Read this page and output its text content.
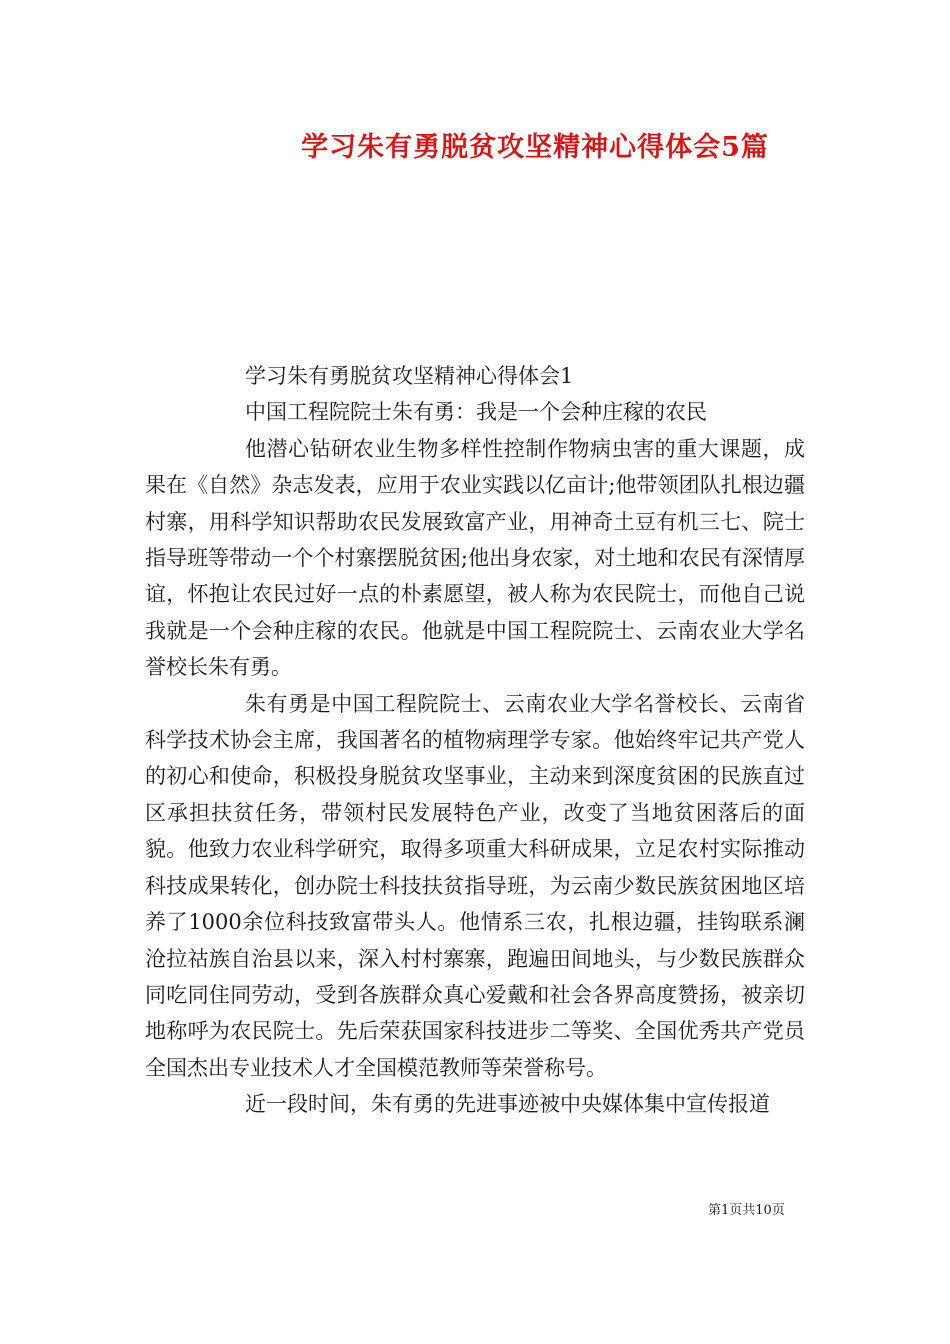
学习朱有勇脱贫攻坚精神心得体会5篇

学习朱有勇脱贫攻坚精神心得体会1

中国工程院院士朱有勇：我是一个会种庄稼的农民

他潜心钻研农业生物多样性控制作物病虫害的重大课题，成果在《自然》杂志发表，应用于农业实践以亿亩计;他带领团队扎根边疆村寨，用科学知识帮助农民发展致富产业，用神奇土豆有机三七、院士指导班等带动一个个村寨摆脱贫困;他出身农家，对土地和农民有深情厚谊，怀抱让农民过好一点的朴素愿望，被人称为农民院士，而他自己说我就是一个会种庄稼的农民。他就是中国工程院院士、云南农业大学名誉校长朱有勇。

朱有勇是中国工程院院士、云南农业大学名誉校长、云南省科学技术协会主席，我国著名的植物病理学专家。他始终牢记共产党人的初心和使命，积极投身脱贫攻坚事业，主动来到深度贫困的民族直过区承担扶贫任务，带领村民发展特色产业，改变了当地贫困落后的面貌。他致力农业科学研究，取得多项重大科研成果，立足农村实际推动科技成果转化，创办院士科技扶贫指导班，为云南少数民族贫困地区培养了1000余位科技致富带头人。他情系三农，扎根边疆，挂钩联系澜沧拉祜族自治县以来，深入村村寨寨，跑遍田间地头，与少数民族群众同吃同住同劳动，受到各族群众真心爱戴和社会各界高度赞扬，被亲切地称呼为农民院士。先后荣获国家科技进步二等奖、全国优秀共产党员全国杰出专业技术人才全国模范教师等荣誉称号。

近一段时间，朱有勇的先进事迹被中央媒体集中宣传报道

第1页共10页
